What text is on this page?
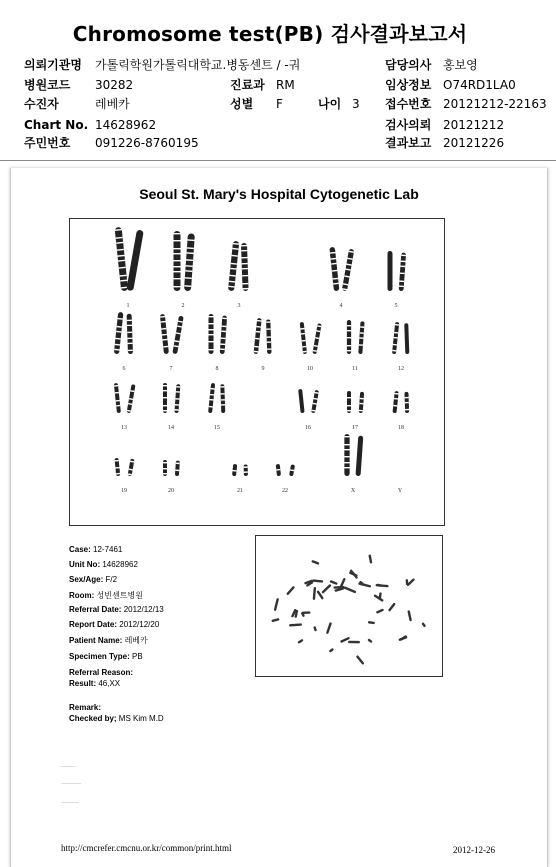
Chromosome test(PB) 검사결과보고서
의뢰기관명 가톨릭학원가톨릭대학교.병동센트 / -궈
병원코드 30282
수진자	레베카
Chart No. 14628962
주민번호 091226-8760195
진료과 RM
성별 F	나이 3
담당의사 홍보영
임상정보 O74RD1LA0
접수번호 20121212-22163
검사의뢰 20121212
결과보고 20121226
Seoul St. Mary's Hospital Cytogenetic Lab
1	2	3	4	5
6	7	8	9	10	11	12
13	14	15	16	17	18
19	20	21	22	X	Y
Case: 12-7461
Unit No: 14628962
Sex/Age: F/2
Room: 성빈센트병원
Referral Date: 2012/12/13
Report Date: 2012/12/20
Patient Name: 레베카
Specimen Type: PB
Referral Reason:
Result: 46,XX
Remark:
Checked by; MS Kim M.D
http://cmcrefer.cmcnu.or.kr/common/print.html	2012-12-26
